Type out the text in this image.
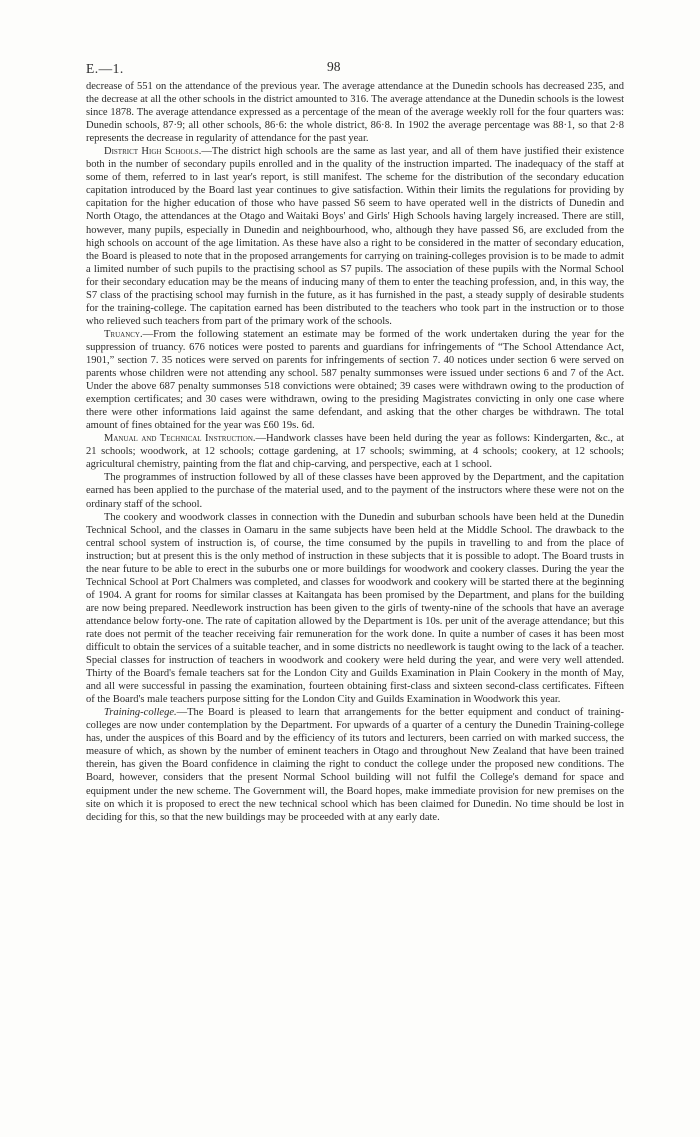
E.—1.	98

decrease of 551 on the attendance of the previous year. The average attendance at the Dunedin schools has decreased 235, and the decrease at all the other schools in the district amounted to 316. The average attendance at the Dunedin schools is the lowest since 1878. The average attendance expressed as a percentage of the mean of the average weekly roll for the four quarters was: Dunedin schools, 87·9; all other schools, 86·6: the whole district, 86·8. In 1902 the average percentage was 88·1, so that 2·8 represents the decrease in regularity of attendance for the past year.

District High Schools.—The district high schools are the same as last year, and all of them have justified their existence both in the number of secondary pupils enrolled and in the quality of the instruction imparted. The inadequacy of the staff at some of them, referred to in last year's report, is still manifest. The scheme for the distribution of the secondary education capitation introduced by the Board last year continues to give satisfaction. Within their limits the regulations for providing by capitation for the higher education of those who have passed S6 seem to have operated well in the districts of Dunedin and North Otago, the attendances at the Otago and Waitaki Boys' and Girls' High Schools having largely increased. There are still, however, many pupils, especially in Dunedin and neighbourhood, who, although they have passed S6, are excluded from the high schools on account of the age limitation. As these have also a right to be considered in the matter of secondary education, the Board is pleased to note that in the proposed arrangements for carrying on training-colleges provision is to be made to admit a limited number of such pupils to the practising school as S7 pupils. The association of these pupils with the Normal School for their secondary education may be the means of inducing many of them to enter the teaching profession, and, in this way, the S7 class of the practising school may furnish in the future, as it has furnished in the past, a steady supply of desirable students for the training-college. The capitation earned has been distributed to the teachers who took part in the instruction or to those who relieved such teachers from part of the primary work of the schools.

Truancy.—From the following statement an estimate may be formed of the work undertaken during the year for the suppression of truancy. 676 notices were posted to parents and guardians for infringements of “The School Attendance Act, 1901,” section 7. 35 notices were served on parents for infringements of section 7. 40 notices under section 6 were served on parents whose children were not attending any school. 587 penalty summonses were issued under sections 6 and 7 of the Act. Under the above 687 penalty summonses 518 convictions were obtained; 39 cases were withdrawn owing to the production of exemption certificates; and 30 cases were withdrawn, owing to the presiding Magistrates convicting in only one case where there were other informations laid against the same defendant, and asking that the other charges be withdrawn. The total amount of fines obtained for the year was £60 19s. 6d.

Manual and Technical Instruction.—Handwork classes have been held during the year as follows: Kindergarten, &c., at 21 schools; woodwork, at 12 schools; cottage gardening, at 17 schools; swimming, at 4 schools; cookery, at 12 schools; agricultural chemistry, painting from the flat and chip-carving, and perspective, each at 1 school.

The programmes of instruction followed by all of these classes have been approved by the Department, and the capitation earned has been applied to the purchase of the material used, and to the payment of the instructors where these were not on the ordinary staff of the school.

The cookery and woodwork classes in connection with the Dunedin and suburban schools have been held at the Dunedin Technical School, and the classes in Oamaru in the same subjects have been held at the Middle School. The drawback to the central school system of instruction is, of course, the time consumed by the pupils in travelling to and from the place of instruction; but at present this is the only method of instruction in these subjects that it is possible to adopt. The Board trusts in the near future to be able to erect in the suburbs one or more buildings for woodwork and cookery classes. During the year the Technical School at Port Chalmers was completed, and classes for woodwork and cookery will be started there at the beginning of 1904. A grant for rooms for similar classes at Kaitangata has been promised by the Department, and plans for the building are now being prepared. Needlework instruction has been given to the girls of twenty-nine of the schools that have an average attendance below forty-one. The rate of capitation allowed by the Department is 10s. per unit of the average attendance; but this rate does not permit of the teacher receiving fair remuneration for the work done. In quite a number of cases it has been most difficult to obtain the services of a suitable teacher, and in some districts no needlework is taught owing to the lack of a teacher. Special classes for instruction of teachers in woodwork and cookery were held during the year, and were very well attended. Thirty of the Board's female teachers sat for the London City and Guilds Examination in Plain Cookery in the month of May, and all were successful in passing the examination, fourteen obtaining first-class and sixteen second-class certificates. Fifteen of the Board's male teachers purpose sitting for the London City and Guilds Examination in Woodwork this year.

Training-college.—The Board is pleased to learn that arrangements for the better equipment and conduct of training-colleges are now under contemplation by the Department. For upwards of a quarter of a century the Dunedin Training-college has, under the auspices of this Board and by the efficiency of its tutors and lecturers, been carried on with marked success, the measure of which, as shown by the number of eminent teachers in Otago and throughout New Zealand that have been trained therein, has given the Board confidence in claiming the right to conduct the college under the proposed new conditions. The Board, however, considers that the present Normal School building will not fulfil the College's demand for space and equipment under the new scheme. The Government will, the Board hopes, make immediate provision for new premises on the site on which it is proposed to erect the new technical school which has been claimed for Dunedin. No time should be lost in deciding for this, so that the new buildings may be proceeded with at any early date.
